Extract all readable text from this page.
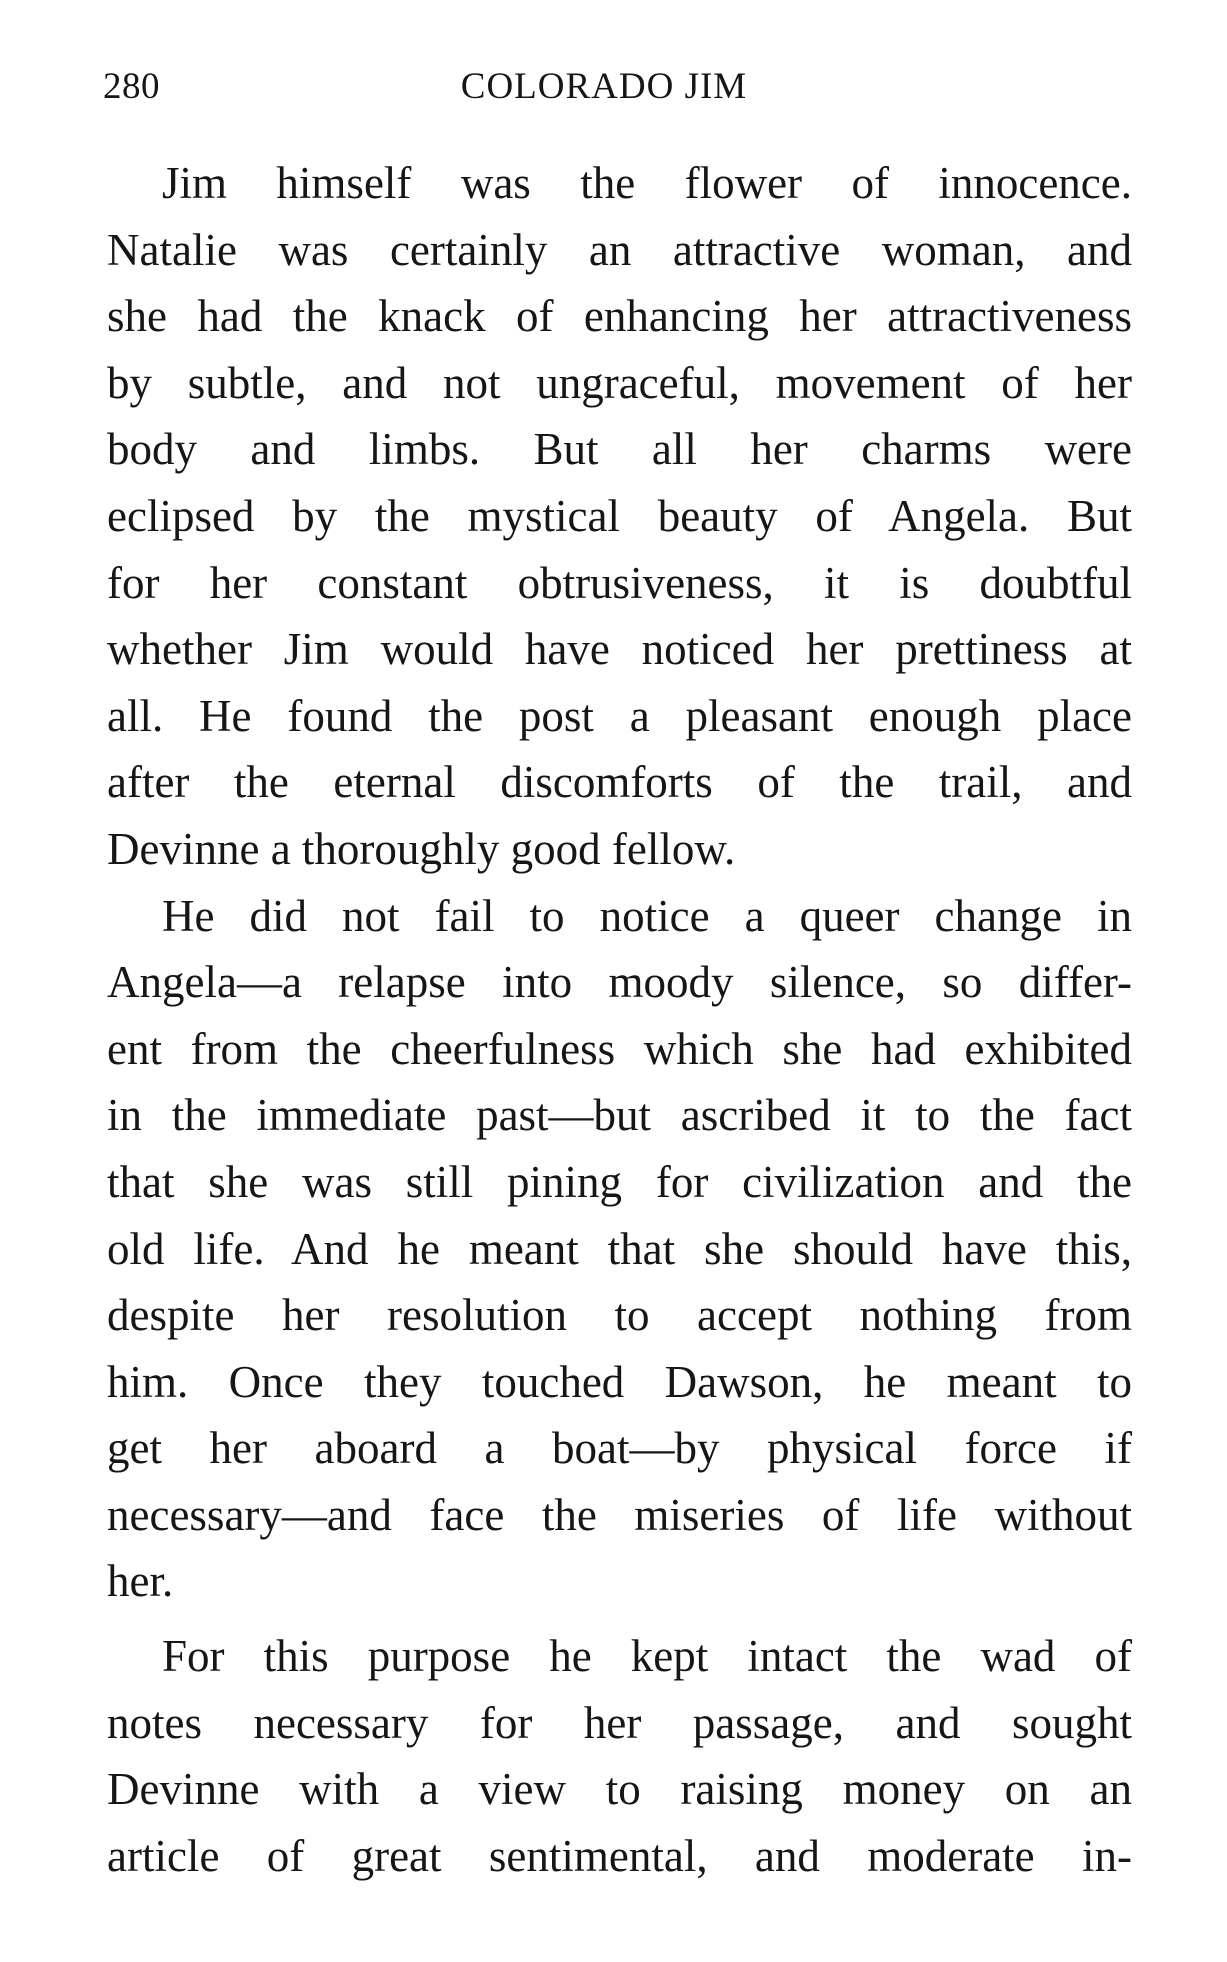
280	COLORADO JIM
Jim himself was the flower of innocence.
Natalie was certainly an attractive woman, and
she had the knack of enhancing her attractiveness
by subtle, and not ungraceful, movement of her
body and limbs. But all her charms were
eclipsed by the mystical beauty of Angela. But
for her constant obtrusiveness, it is doubtful
whether Jim would have noticed her prettiness at
all. He found the post a pleasant enough place
after the eternal discomforts of the trail, and
Devinne a thoroughly good fellow.
He did not fail to notice a queer change in
Angela—a relapse into moody silence, so differ-
ent from the cheerfulness which she had exhibited
in the immediate past—but ascribed it to the fact
that she was still pining for civilization and the
old life. And he meant that she should have this,
despite her resolution to accept nothing from
him. Once they touched Dawson, he meant to
get her aboard a boat—by physical force if
necessary—and face the miseries of life without
her.
For this purpose he kept intact the wad of
notes necessary for her passage, and sought
Devinne with a view to raising money on an
article of great sentimental, and moderate in-
